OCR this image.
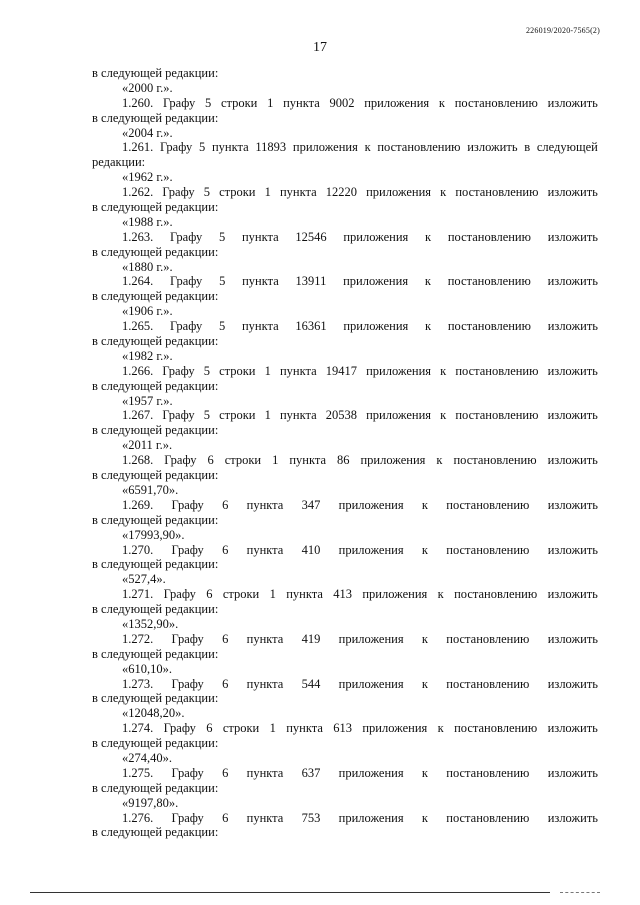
226019/2020-7565(2)
17
в следующей редакции:
«2000 г.».
1.260. Графу 5 строки 1 пункта 9002 приложения к постановлению изложить
в следующей редакции:
«2004 г.».
1.261. Графу 5 пункта 11893 приложения к постановлению изложить в следующей
редакции:
«1962 г.».
1.262. Графу 5 строки 1 пункта 12220 приложения к постановлению изложить
в следующей редакции:
«1988 г.».
1.263. Графу 5 пункта 12546 приложения к постановлению изложить
в следующей редакции:
«1880 г.».
1.264. Графу 5 пункта 13911 приложения к постановлению изложить
в следующей редакции:
«1906 г.».
1.265. Графу 5 пункта 16361 приложения к постановлению изложить
в следующей редакции:
«1982 г.».
1.266. Графу 5 строки 1 пункта 19417 приложения к постановлению изложить
в следующей редакции:
«1957 г.».
1.267. Графу 5 строки 1 пункта 20538 приложения к постановлению изложить
в следующей редакции:
«2011 г.».
1.268. Графу 6 строки 1 пункта 86 приложения к постановлению изложить
в следующей редакции:
«6591,70».
1.269. Графу 6 пункта 347 приложения к постановлению изложить
в следующей редакции:
«17993,90».
1.270. Графу 6 пункта 410 приложения к постановлению изложить
в следующей редакции:
«527,4».
1.271. Графу 6 строки 1 пункта 413 приложения к постановлению изложить
в следующей редакции:
«1352,90».
1.272. Графу 6 пункта 419 приложения к постановлению изложить
в следующей редакции:
«610,10».
1.273. Графу 6 пункта 544 приложения к постановлению изложить
в следующей редакции:
«12048,20».
1.274. Графу 6 строки 1 пункта 613 приложения к постановлению изложить
в следующей редакции:
«274,40».
1.275. Графу 6 пункта 637 приложения к постановлению изложить
в следующей редакции:
«9197,80».
1.276. Графу 6 пункта 753 приложения к постановлению изложить
в следующей редакции:
